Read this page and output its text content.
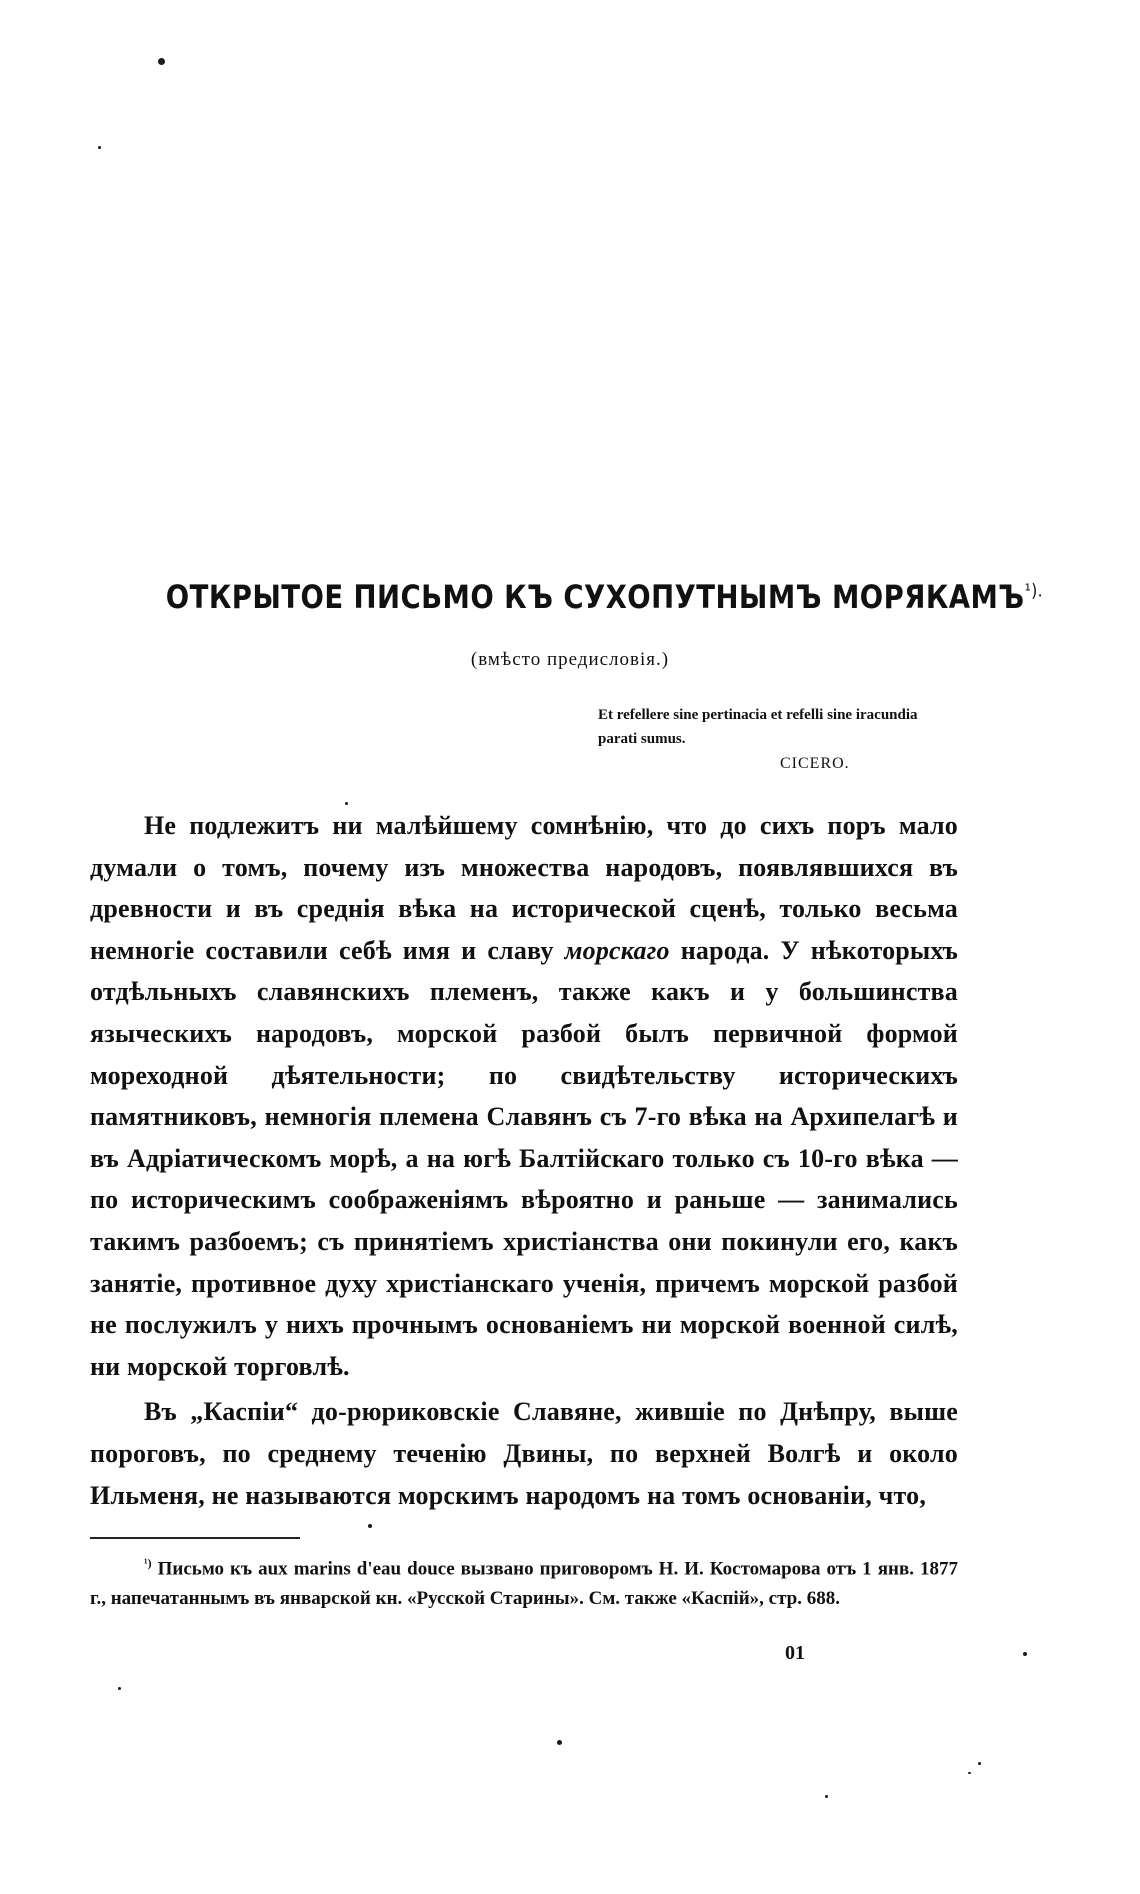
ОТКРЫТОЕ ПИСЬМО КЪ СУХОПУТНЫМЪ $МОРЯКАМЪ^{^1).}$
(вмѣсто предисловія.)
Et refellere sine pertinacia et refelli sine iracundia parati sumus.
CICERO.

Не подлежитъ ни малѣйшему сомнѣнію, что до сихъ поръ мало думали о томъ, почему изъ множества народовъ, появлявшихся въ древности и въ среднія вѣка на исторической сценѣ, только весьма немногіе составили себѣ имя и славу морскаго народа. У нѣкоторыхъ отдѣльныхъ славянскихъ племенъ, также какъ и у большинства языческихъ народовъ, морской разбой былъ первичной формой мореходной дѣятельности; по свидѣтельству историческихъ памятниковъ, немногія племена Славянъ съ 7-го вѣка на Архипелагѣ и въ Адріатическомъ морѣ, а на югѣ Балтійскаго только съ 10-го вѣка — по историческимъ соображеніямъ вѣроятно и раньше — занимались такимъ разбоемъ; съ принятіемъ христіанства они покинули его, какъ занятіе, противное духу христіанскаго ученія, причемъ морской разбой не послужилъ у нихъ прочнымъ основаніемъ ни морской военной силѣ, ни морской торговлѣ.

Въ „Каспіи“ до-рюриковскіе Славяне, жившіе по Днѣпру, выше пороговъ, по среднему теченію Двины, по верхней Волгѣ и около Ильменя, не называются морскимъ народомъ на томъ основаніи, что,

$^{^1)}$ Письмо къ aux marins d'eau douce вызвано приговоромъ Н. И. Костомарова отъ 1 янв. 1877 г., напечатаннымъ въ январской кн. «Русской Старины». См. также «Каспій», стр. 688.

01
